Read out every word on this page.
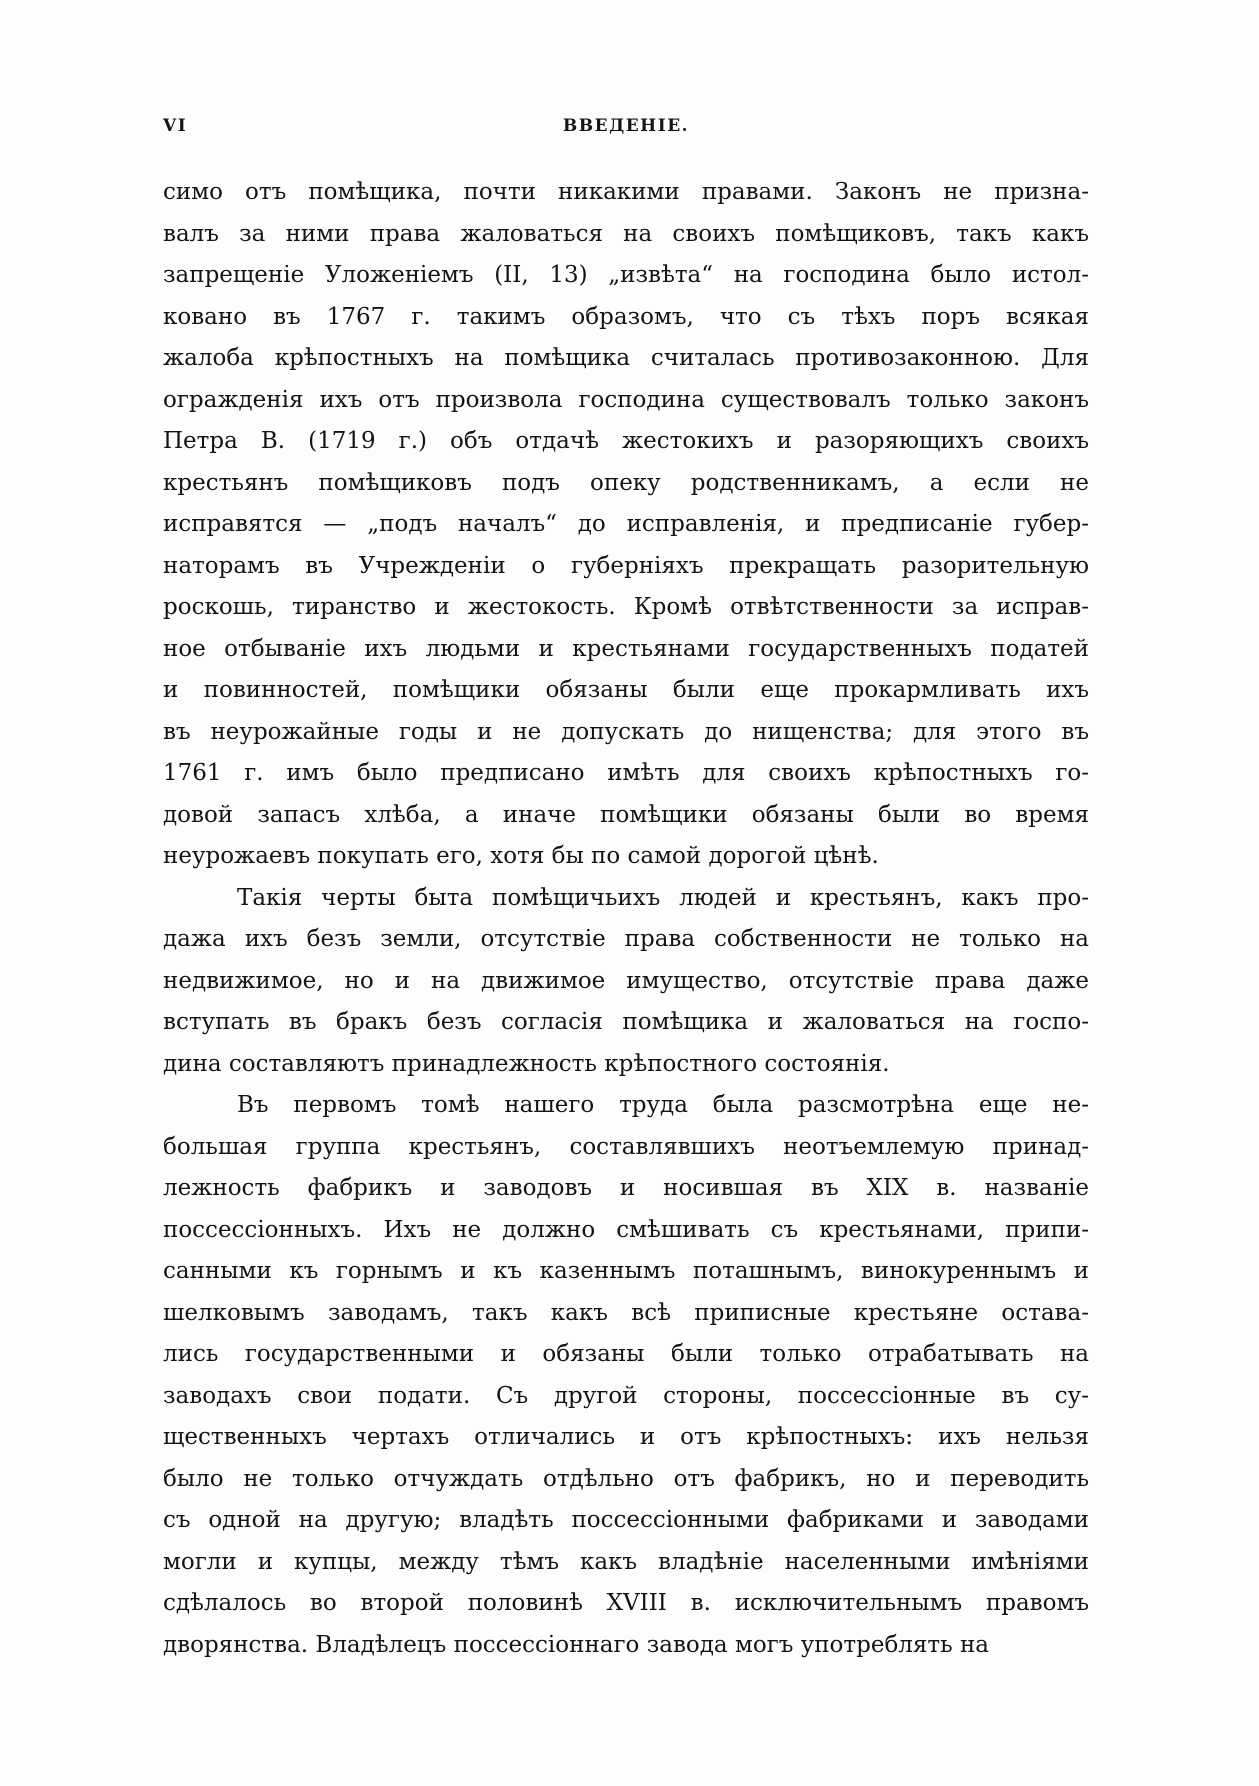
VI	ВВЕДЕНІЕ.
симо отъ помѣщика, почти никакими правами. Законъ не призна-
валъ за ними права жаловаться на своихъ помѣщиковъ, такъ какъ
запрещеніе Уложеніемъ (II, 13) „извѣта“ на господина было истол-
ковано въ 1767 г. такимъ образомъ, что съ тѣхъ поръ всякая
жалоба крѣпостныхъ на помѣщика считалась противозаконною. Для
огражденія ихъ отъ произвола господина существовалъ только законъ
Петра В. (1719 г.) объ отдачѣ жестокихъ и разоряющихъ своихъ
крестьянъ помѣщиковъ подъ опеку родственникамъ, а если не
исправятся — „подъ началъ“ до исправленія, и предписаніе губер-
наторамъ въ Учреждeніи о губерніяхъ прекращать разорительную
роскошь, тиранство и жестокость. Кромѣ отвѣтственности за исправ-
ное отбываніе ихъ людьми и крестьянами государственныхъ податей
и повинностей, помѣщики обязаны были еще прокармливать ихъ
въ неурожайные годы и не допускать до нищенства; для этого въ
1761 г. имъ было предписано имѣть для своихъ крѣпостныхъ го-
довой запасъ хлѣба, а иначе помѣщики обязаны были во время
неурожаевъ покупать его, хотя бы по самой дорогой цѣнѣ.
Такія черты быта помѣщичьихъ людей и крестьянъ, какъ про-
дажа ихъ безъ земли, отсутствіе права собственности не только на
недвижимое, но и на движимое имущество, отсутствіе права даже
вступать въ бракъ безъ согласія помѣщика и жаловаться на госпо-
дина составляютъ принадлежность крѣпостного состоянія.
Въ первомъ томѣ нашего труда была разсмотрѣна еще не-
большая группа крестьянъ, составлявшихъ неотъемлемую принад-
лежность фабрикъ и заводовъ и носившая въ XIX в. названіе
поссессіонныхъ. Ихъ не должно смѣшивать съ крестьянами, припи-
санными къ горнымъ и къ казеннымъ поташнымъ, винокуреннымъ и
шелковымъ заводамъ, такъ какъ всѣ приписные крестьяне остава-
лись государственными и обязаны были только отрабатывать на
заводахъ свои подати. Съ другой стороны, поссессіонные въ су-
щественныхъ чертахъ отличались и отъ крѣпостныхъ: ихъ нельзя
было не только отчуждать отдѣльно отъ фабрикъ, но и переводить
съ одной на другую; владѣть поссессіонными фабриками и заводами
могли и купцы, между тѣмъ какъ владѣніе населенными имѣніями
сдѣлалось во второй половинѣ XVIII в. исключительнымъ правомъ
дворянства. Владѣлецъ поссессіоннаго завода могъ употреблять на
